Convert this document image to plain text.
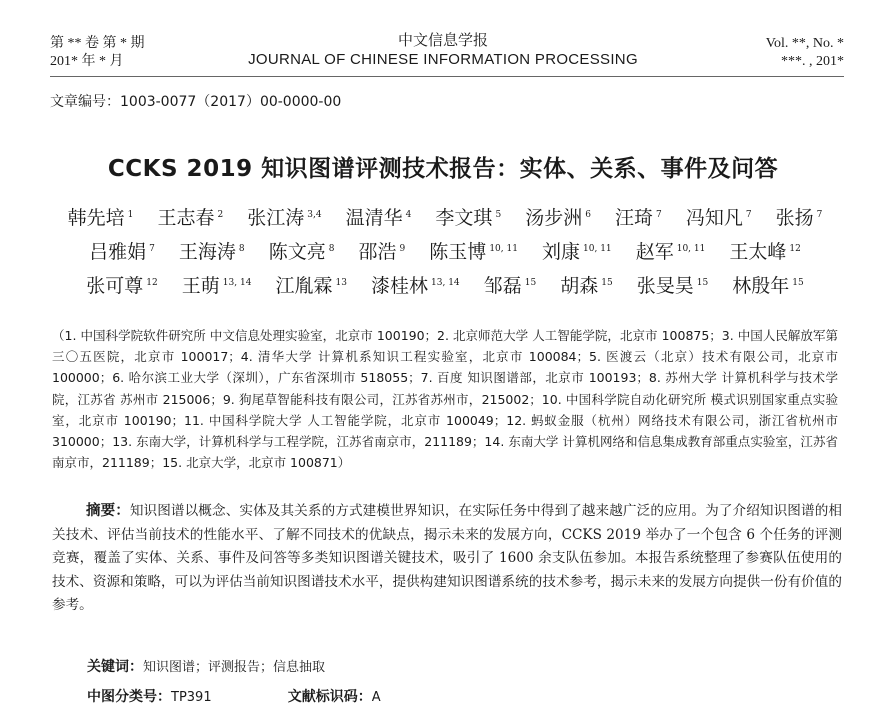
第 ** 卷 第 * 期
201* 年 * 月
中文信息学报
JOURNAL OF CHINESE INFORMATION PROCESSING
Vol. **, No. *
***. , 201*
文章编号：1003-0077（2017）00-0000-00
CCKS 2019 知识图谱评测技术报告：实体、关系、事件及问答
韩先培 $^1$ 王志春 $^2$ 张江涛 $^{3,4}$ 温清华 $^4$ 李文琪 $^5$ 汤步洲 $^6$ 汪琦 $^7$ 冯知凡 $^7$ 张扬 $^7$ 吕雅娟 $^7$ 王海涛 $^8$ 陈文亮 $^8$ 邵浩 $^9$ 陈玉博 $^{10, 11}$ 刘康 $^{10, 11}$ 赵军 $^{10, 11}$ 王太峰 $^{12}$ 张可尊 $^{12}$ 王萌 $^{13, 14}$ 江胤霖 $^{13}$ 漆桂林 $^{13, 14}$ 邹磊 $^{15}$ 胡森 $^{15}$ 张旻昊 $^{15}$ 林殷年 $^{15}$
（1. 中国科学院软件研究所 中文信息处理实验室，北京市 100190；2. 北京师范大学 人工智能学院，北京市 100875；3. 中国人民解放军第三〇五医院，北京市 100017；4. 清华大学 计算机系知识工程实验室，北京市 100084；5. 医渡云（北京）技术有限公司，北京市 100000；6. 哈尔滨工业大学（深圳），广东省深圳市 518055；7. 百度 知识图谱部，北京市 100193；8. 苏州大学 计算机科学与技术学院，江苏省 苏州市 215006；9. 狗尾草智能科技有限公司，江苏省苏州市，215002；10. 中国科学院自动化研究所 模式识别国家重点实验室，北京市 100190；11. 中国科学院大学 人工智能学院，北京市 100049；12. 蚂蚁金服（杭州）网络技术有限公司，浙江省杭州市 310000；13. 东南大学，计算机科学与工程学院，江苏省南京市，211189；14. 东南大学 计算机网络和信息集成教育部重点实验室，江苏省南京市，211189；15. 北京大学，北京市 100871）
摘要：知识图谱以概念、实体及其关系的方式建模世界知识，在实际任务中得到了越来越广泛的应用。为了介绍知识图谱的相关技术、评估当前技术的性能水平、了解不同技术的优缺点，揭示未来的发展方向，CCKS 2019 举办了一个包含 6 个任务的评测竞赛，覆盖了实体、关系、事件及问答等多类知识图谱关键技术，吸引了 1600 余支队伍参加。本报告系统整理了参赛队伍使用的技术、资源和策略，可以为评估当前知识图谱技术水平，提供构建知识图谱系统的技术参考，揭示未来的发展方向提供一份有价值的参考。
关键词：知识图谱；评测报告；信息抽取
中图分类号：TP391	文献标识码：A
